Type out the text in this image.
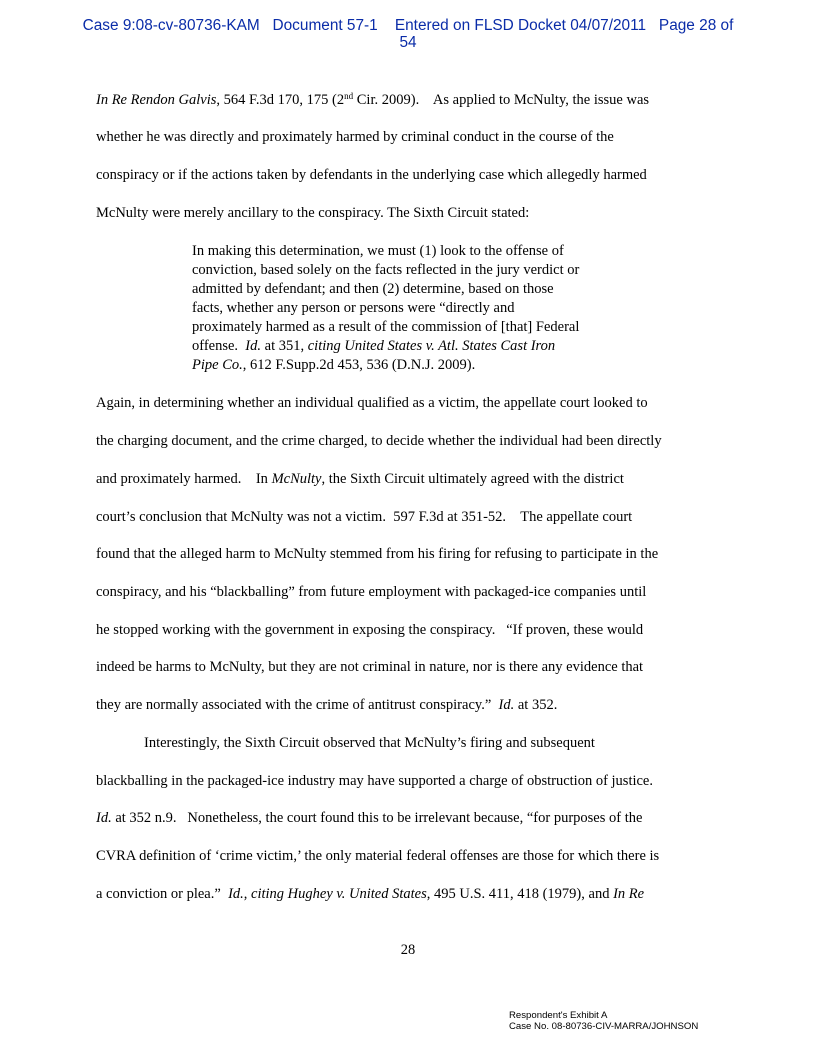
Case 9:08-cv-80736-KAM   Document 57-1    Entered on FLSD Docket 04/07/2011   Page 28 of
54
In Re Rendon Galvis, 564 F.3d 170, 175 (2nd Cir. 2009).    As applied to McNulty, the issue was
whether he was directly and proximately harmed by criminal conduct in the course of the
conspiracy or if the actions taken by defendants in the underlying case which allegedly harmed
McNulty were merely ancillary to the conspiracy. The Sixth Circuit stated:
In making this determination, we must (1) look to the offense of
conviction, based solely on the facts reflected in the jury verdict or
admitted by defendant; and then (2) determine, based on those
facts, whether any person or persons were “directly and
proximately harmed as a result of the commission of [that] Federal
offense.  Id. at 351, citing United States v. Atl. States Cast Iron
Pipe Co., 612 F.Supp.2d 453, 536 (D.N.J. 2009).
Again, in determining whether an individual qualified as a victim, the appellate court looked to
the charging document, and the crime charged, to decide whether the individual had been directly
and proximately harmed.    In McNulty, the Sixth Circuit ultimately agreed with the district
court’s conclusion that McNulty was not a victim.  597 F.3d at 351-52.    The appellate court
found that the alleged harm to McNulty stemmed from his firing for refusing to participate in the
conspiracy, and his “blackballing” from future employment with packaged-ice companies until
he stopped working with the government in exposing the conspiracy.   “If proven, these would
indeed be harms to McNulty, but they are not criminal in nature, nor is there any evidence that
they are normally associated with the crime of antitrust conspiracy.”  Id. at 352.
Interestingly, the Sixth Circuit observed that McNulty’s firing and subsequent
blackballing in the packaged-ice industry may have supported a charge of obstruction of justice.
Id. at 352 n.9.   Nonetheless, the court found this to be irrelevant because, “for purposes of the
CVRA definition of ‘crime victim,’ the only material federal offenses are those for which there is
a conviction or plea.”  Id., citing Hughey v. United States, 495 U.S. 411, 418 (1979), and In Re
28
Respondent's Exhibit A
Case No. 08-80736-CIV-MARRA/JOHNSON
